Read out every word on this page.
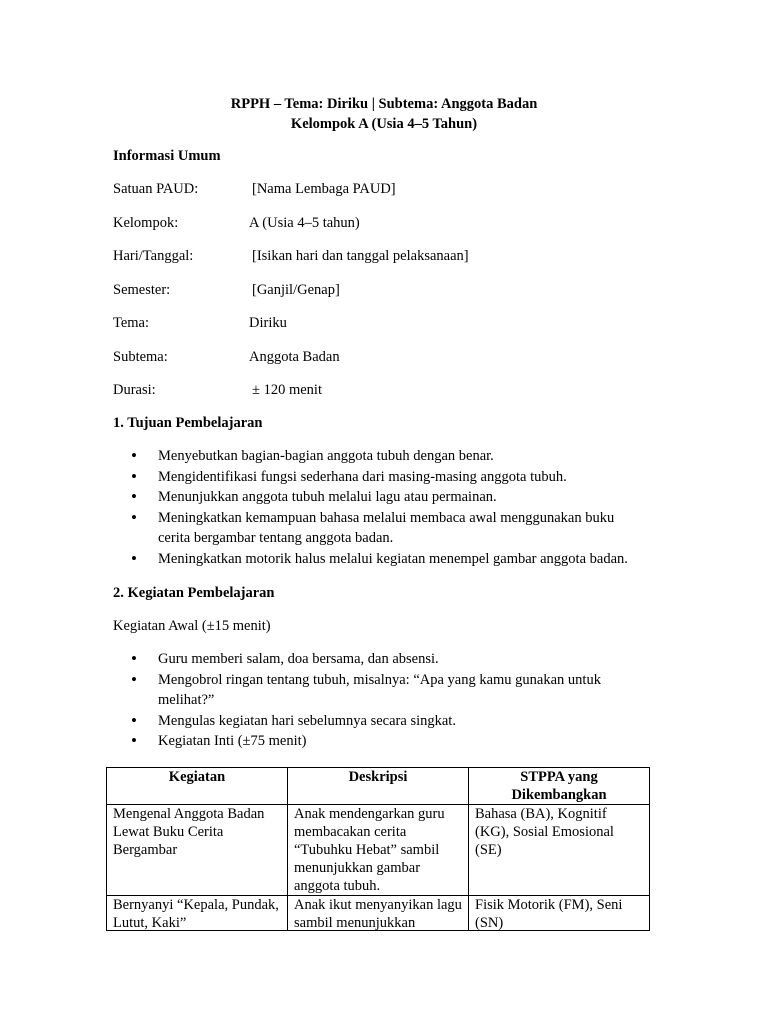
RPPH – Tema: Diriku | Subtema: Anggota Badan
Kelompok A (Usia 4–5 Tahun)
Informasi Umum
Satuan PAUD:	[Nama Lembaga PAUD]
Kelompok:	A (Usia 4–5 tahun)
Hari/Tanggal:	[Isikan hari dan tanggal pelaksanaan]
Semester:	[Ganjil/Genap]
Tema:	Diriku
Subtema:	Anggota Badan
Durasi:	± 120 menit
1. Tujuan Pembelajaran
• Menyebutkan bagian-bagian anggota tubuh dengan benar.
• Mengidentifikasi fungsi sederhana dari masing-masing anggota tubuh.
• Menunjukkan anggota tubuh melalui lagu atau permainan.
• Meningkatkan kemampuan bahasa melalui membaca awal menggunakan buku cerita bergambar tentang anggota badan.
• Meningkatkan motorik halus melalui kegiatan menempel gambar anggota badan.
2. Kegiatan Pembelajaran
Kegiatan Awal (±15 menit)
• Guru memberi salam, doa bersama, dan absensi.
• Mengobrol ringan tentang tubuh, misalnya: “Apa yang kamu gunakan untuk melihat?”
• Mengulas kegiatan hari sebelumnya secara singkat.
• Kegiatan Inti (±75 menit)
Kegiatan	Deskripsi	STPPA yang Dikembangkan
Mengenal Anggota Badan Lewat Buku Cerita Bergambar	Anak mendengarkan guru membacakan cerita “Tubuhku Hebat” sambil menunjukkan gambar anggota tubuh.	Bahasa (BA), Kognitif (KG), Sosial Emosional (SE)

Bernyanyi “Kepala, Pundak, Lutut, Kaki”	Anak ikut menyanyikan lagu sambil menunjukkan	Fisik Motorik (FM), Seni (SN)
